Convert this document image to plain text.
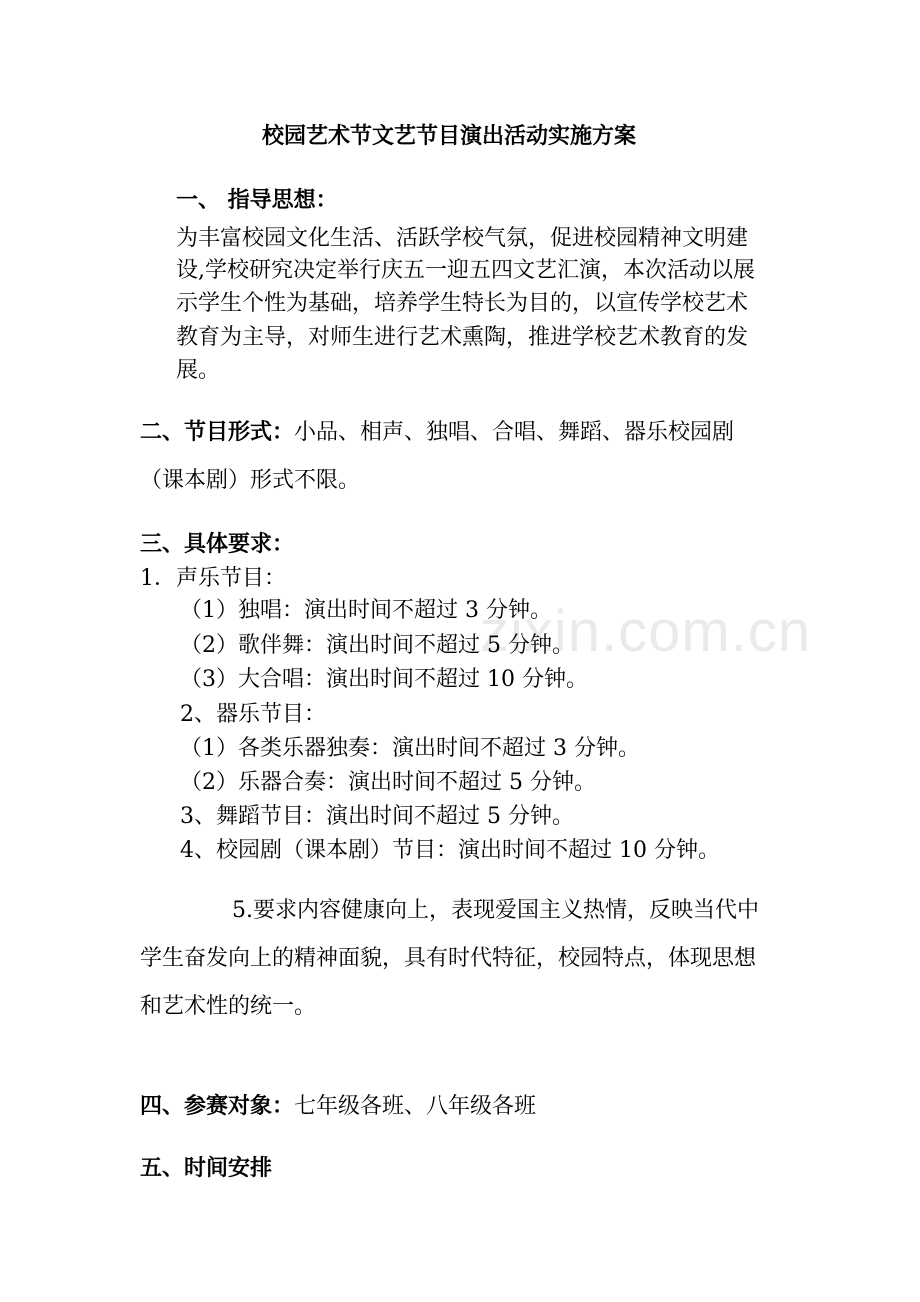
校园艺术节文艺节目演出活动实施方案
一、 指导思想：
为丰富校园文化生活、活跃学校气氛，促进校园精神文明建
设,学校研究决定举行庆五一迎五四文艺汇演，本次活动以展
示学生个性为基础，培养学生特长为目的，以宣传学校艺术
教育为主导，对师生进行艺术熏陶，推进学校艺术教育的发
展。
二、节目形式：小品、相声、独唱、合唱、舞蹈、器乐校园剧
（课本剧）形式不限。
三、具体要求：
1．声乐节目：
（1）独唱：演出时间不超过 3 分钟。
（2）歌伴舞：演出时间不超过 5 分钟。
（3）大合唱：演出时间不超过 10 分钟。
2、器乐节目：
（1）各类乐器独奏：演出时间不超过 3 分钟。
（2）乐器合奏：演出时间不超过 5 分钟。
3、舞蹈节目：演出时间不超过 5 分钟。
4、校园剧（课本剧）节目：演出时间不超过 10 分钟。
5.要求内容健康向上，表现爱国主义热情，反映当代中
学生奋发向上的精神面貌，具有时代特征，校园特点，体现思想
和艺术性的统一。
四、参赛对象：七年级各班、八年级各班
五、时间安排
zixin.com.cn
